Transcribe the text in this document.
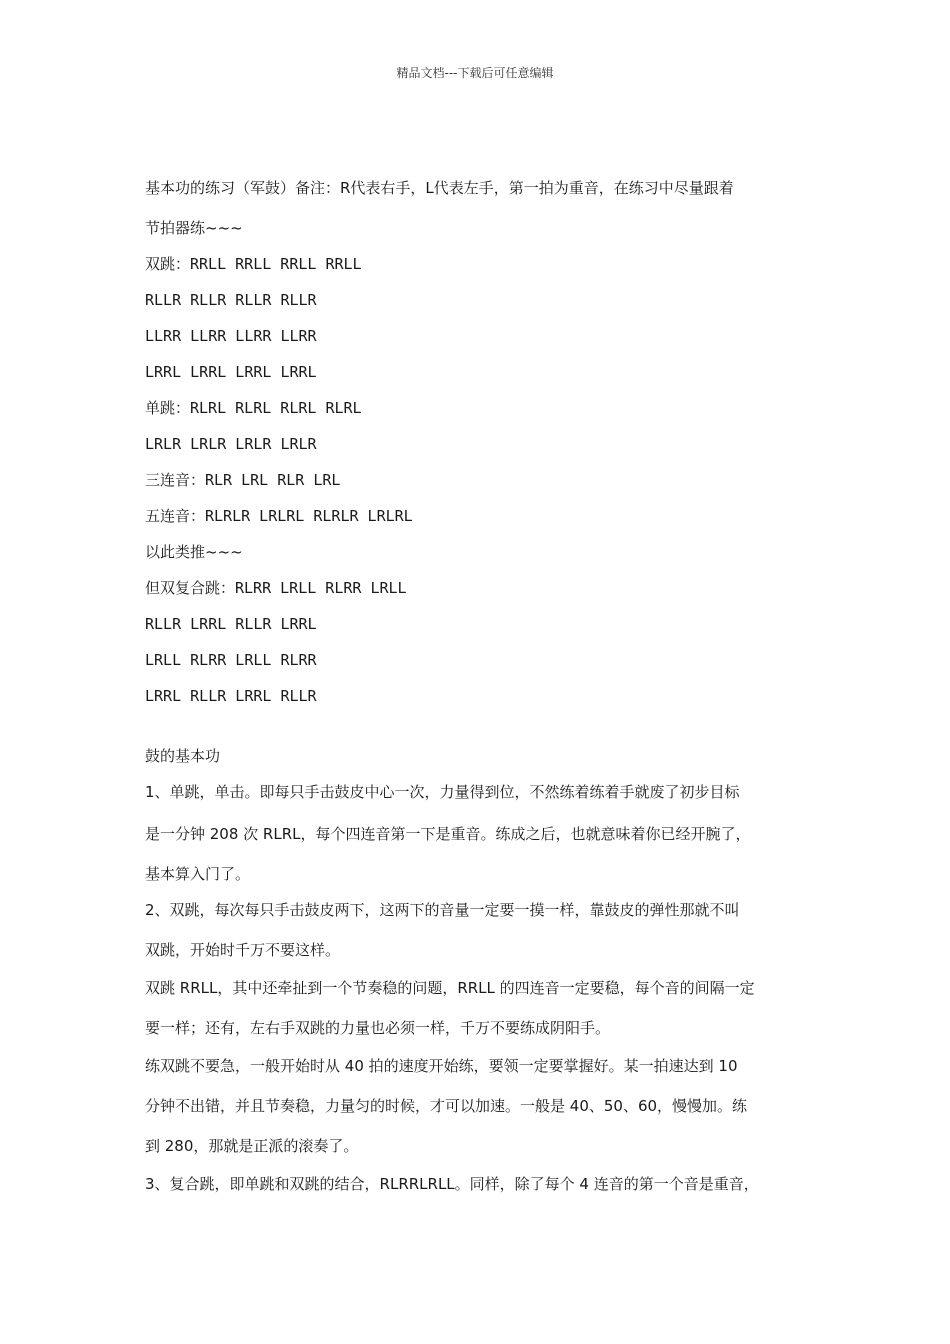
精品文档---下载后可任意编辑
基本功的练习（军鼓）备注：R代表右手，L代表左手，第一拍为重音，在练习中尽量跟着
节拍器练~~~
双跳：RRLL RRLL RRLL RRLL
RLLR RLLR RLLR RLLR
LLRR LLRR LLRR LLRR
LRRL LRRL LRRL LRRL
单跳：RLRL RLRL RLRL RLRL
LRLR LRLR LRLR LRLR
三连音：RLR LRL RLR LRL
五连音：RLRLR LRLRL RLRLR LRLRL
以此类推~~~
但双复合跳：RLRR LRLL RLRR LRLL
RLLR LRRL RLLR LRRL
LRLL RLRR LRLL RLRR
LRRL RLLR LRRL RLLR
鼓的基本功
1、单跳，单击。即每只手击鼓皮中心一次，力量得到位，不然练着练着手就废了初步目标
是一分钟 208 次 RLRL，每个四连音第一下是重音。练成之后，也就意味着你已经开腕了，
基本算入门了。
2、双跳，每次每只手击鼓皮两下，这两下的音量一定要一摸一样，靠鼓皮的弹性那就不叫
双跳，开始时千万不要这样。
双跳 RRLL，其中还牵扯到一个节奏稳的问题，RRLL 的四连音一定要稳，每个音的间隔一定
要一样；还有，左右手双跳的力量也必须一样，千万不要练成阴阳手。
练双跳不要急，一般开始时从 40 拍的速度开始练，要领一定要掌握好。某一拍速达到 10
分钟不出错，并且节奏稳，力量匀的时候，才可以加速。一般是 40、50、60，慢慢加。练
到 280，那就是正派的滚奏了。
3、复合跳，即单跳和双跳的结合，RLRRLRLL。同样，除了每个 4 连音的第一个音是重音，
